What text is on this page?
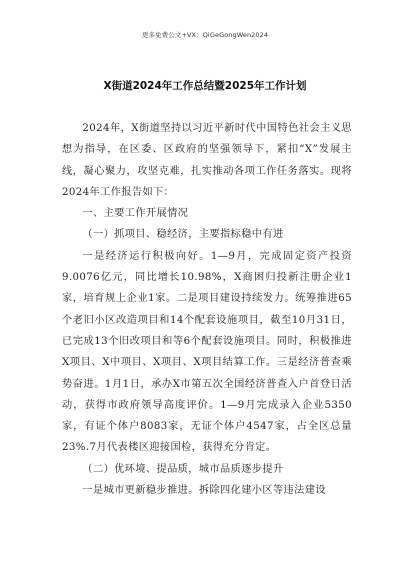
更多免费公文+VX：QiGeGongWen2024
X街道2024年工作总结暨2025年工作计划

2024年，X街道坚持以习近平新时代中国特色社会主义思想为指导，在区委、区政府的坚强领导下，紧扣“X”发展主线，凝心聚力，攻坚克难，扎实推动各项工作任务落实。现将2024年工作报告如下：

一、主要工作开展情况

（一）抓项目、稳经济，主要指标稳中有进

一是经济运行积极向好。1—9月，完成固定资产投资9.0076亿元，同比增长10.98%，X商困归投新注册企业1家，培育规上企业1家。二是项目建设持续发力。统筹推进65个老旧小区改造项目和14个配套设施项目，截至10月31日，已完成13个旧改项目和等6个配套设施项目。同时，积极推进X项目、X中项目、X项目、X项目结算工作。三是经济普查乘势奋进。1月1日，承办X市第五次全国经济普查入户首登日活动，获得市政府领导高度评价。1—9月完成录入企业5350家，有证个体户8083家，无证个体户4547家，占全区总量23%.7月代表楼区迎接国检，获得充分肯定。

（二）优环境、提品质，城市品质逐步提升

一是城市更新稳步推进。拆除四化建小区等违法建设
